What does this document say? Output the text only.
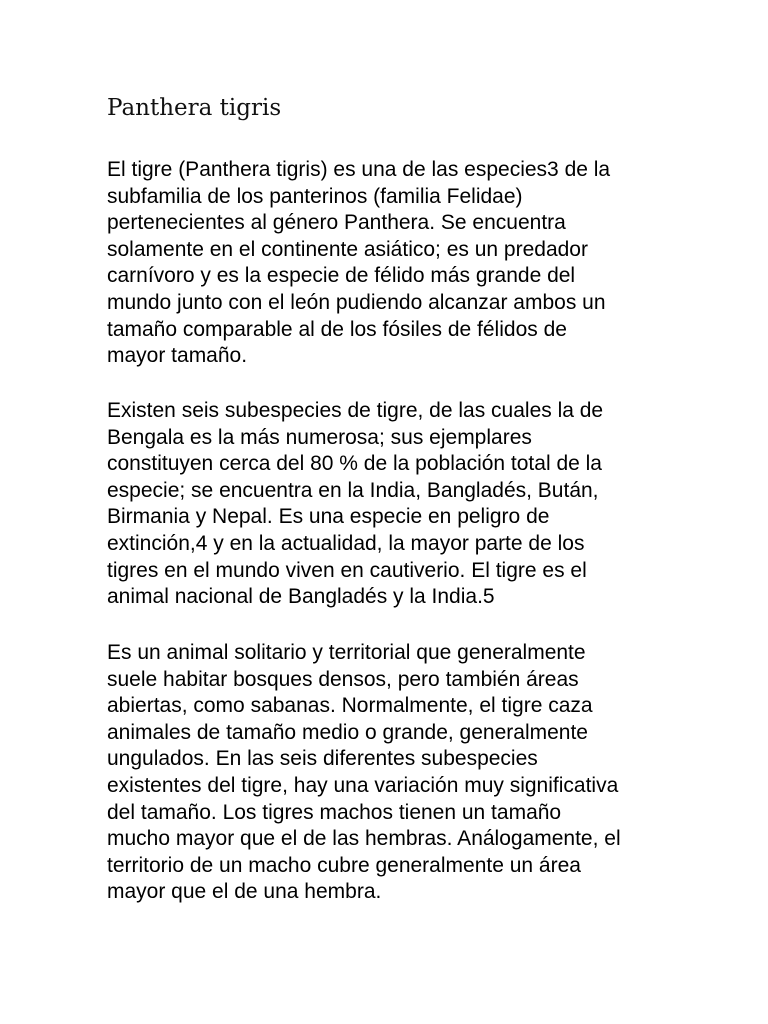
Panthera tigris

El tigre (Panthera tigris) es una de las especies3 de la
subfamilia de los panterinos (familia Felidae)
pertenecientes al género Panthera. Se encuentra
solamente en el continente asiático; es un predador
carnívoro y es la especie de félido más grande del
mundo junto con el león pudiendo alcanzar ambos un
tamaño comparable al de los fósiles de félidos de
mayor tamaño.

Existen seis subespecies de tigre, de las cuales la de
Bengala es la más numerosa; sus ejemplares
constituyen cerca del 80 % de la población total de la
especie; se encuentra en la India, Bangladés, Bután,
Birmania y Nepal. Es una especie en peligro de
extinción,4 y en la actualidad, la mayor parte de los
tigres en el mundo viven en cautiverio. El tigre es el
animal nacional de Bangladés y la India.5

Es un animal solitario y territorial que generalmente
suele habitar bosques densos, pero también áreas
abiertas, como sabanas. Normalmente, el tigre caza
animales de tamaño medio o grande, generalmente
ungulados. En las seis diferentes subespecies
existentes del tigre, hay una variación muy significativa
del tamaño. Los tigres machos tienen un tamaño
mucho mayor que el de las hembras. Análogamente, el
territorio de un macho cubre generalmente un área
mayor que el de una hembra.
